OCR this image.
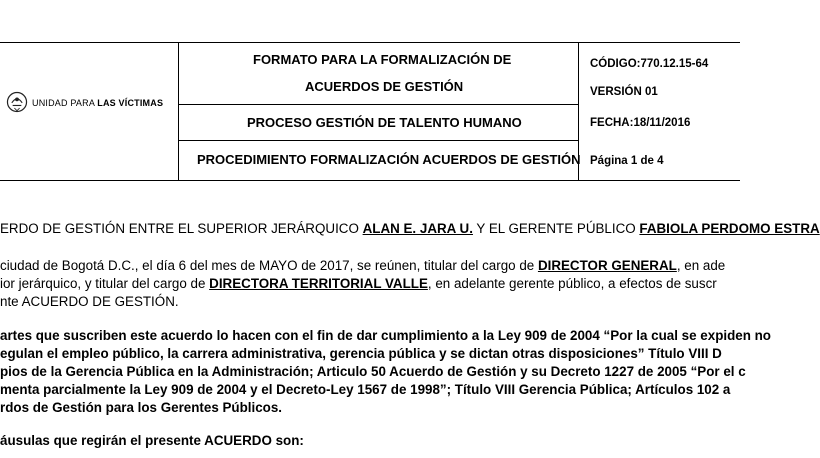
UNIDAD PARA LAS VÍCTIMAS
FORMATO PARA LA FORMALIZACIÓN DE
ACUERDOS DE GESTIÓN
PROCESO GESTIÓN DE TALENTO HUMANO
PROCEDIMIENTO FORMALIZACIÓN ACUERDOS DE GESTIÓN
CÓDIGO:770.12.15-64
VERSIÓN 01
FECHA:18/11/2016
Página 1 de 4
ERDO DE GESTIÓN ENTRE EL SUPERIOR JERÁRQUICO ALAN E. JARA U. Y EL GERENTE PÚBLICO FABIOLA PERDOMO ESTRA
ciudad de Bogotá D.C., el día 6 del mes de MAYO de 2017, se reúnen, titular del cargo de DIRECTOR GENERAL, en ade
ior jerárquico, y titular del cargo de DIRECTORA TERRITORIAL VALLE, en adelante gerente público, a efectos de suscr
nte ACUERDO DE GESTIÓN.
artes que suscriben este acuerdo lo hacen con el fin de dar cumplimiento a la Ley 909 de 2004 “Por la cual se expiden no
egulan el empleo público, la carrera administrativa, gerencia pública y se dictan otras disposiciones” Título VIII D
pios de la Gerencia Pública en la Administración; Articulo 50 Acuerdo de Gestión y su Decreto 1227 de 2005 “Por el c
menta parcialmente la Ley 909 de 2004 y el Decreto-Ley 1567 de 1998”; Título VIII Gerencia Pública; Artículos 102 a
rdos de Gestión para los Gerentes Públicos.
áusulas que regirán el presente ACUERDO son:
